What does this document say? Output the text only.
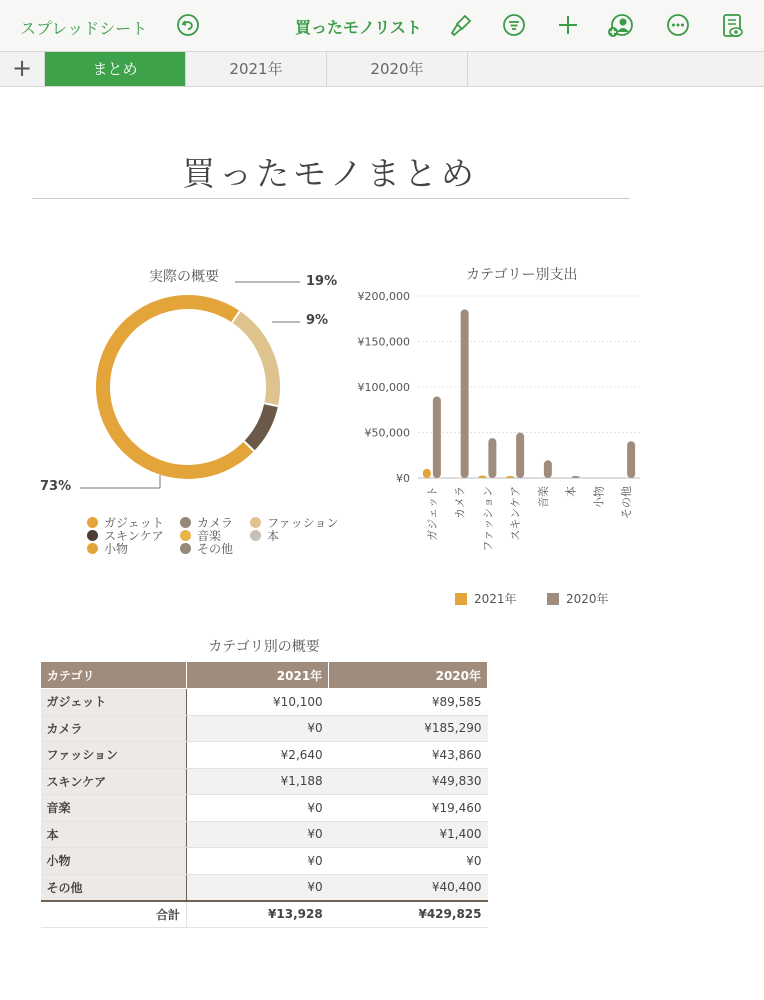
スプレッドシート	買ったモノリスト
+	まとめ	2021年	2020年
買ったモノまとめ
実際の概要	19%
9%
73%
ガジェット	カメラ	ファッション
スキンケア	音楽	本
小物	その他
カテゴリー別支出
¥200,000
¥150,000
¥100,000
¥50,000
¥0
ガジェット カメラ ファッション スキンケア 音楽 本 小物 その他
2021年	2020年
カテゴリ別の概要
カテゴリ	2021年	2020年
ガジェット	¥10,100	¥89,585
カメラ	¥0	¥185,290
ファッション	¥2,640	¥43,860
スキンケア	¥1,188	¥49,830
音楽	¥0	¥19,460
本	¥0	¥1,400
小物	¥0	¥0
その他	¥0	¥40,400
合計	¥13,928	¥429,825
